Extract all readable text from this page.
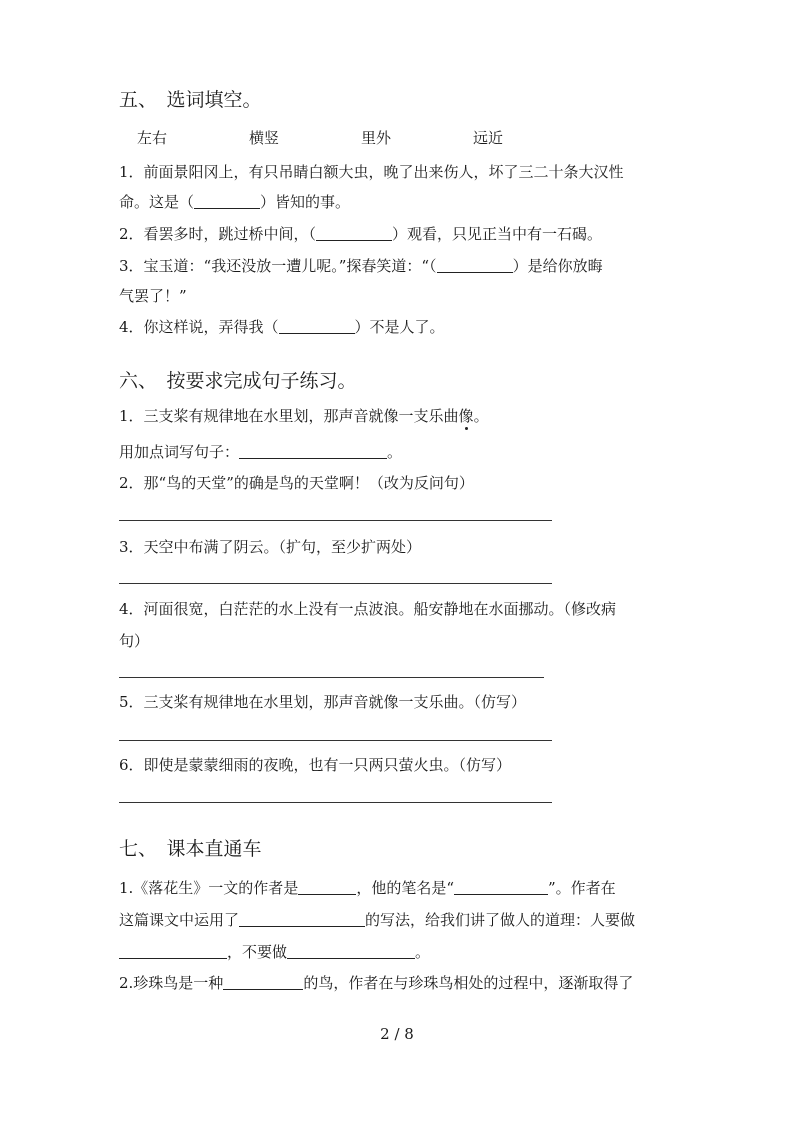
五、　选词填空。
左右	横竖	里外	远近
1．前面景阳冈上，有只吊睛白额大虫，晚了出来伤人，坏了三二十条大汉性
命。这是（	）皆知的事。
2．看罢多时，跳过桥中间，（	）观看，只见正当中有一石碣。
3．宝玉道：“我还没放一遭儿呢。”探春笑道：“（	）是给你放晦
气罢了！”
4．你这样说，弄得我（	）不是人了。
六、　按要求完成句子练习。
1．三支桨有规律地在水里划，那声音就像一支乐曲像。
用加点词写句子：	。
2．那“鸟的天堂”的确是鸟的天堂啊！（改为反问句）
3．天空中布满了阴云。（扩句，至少扩两处）
4．河面很宽，白茫茫的水上没有一点波浪。船安静地在水面挪动。（修改病
句）
5．三支桨有规律地在水里划，那声音就像一支乐曲。（仿写）
6．即使是蒙蒙细雨的夜晚，也有一只两只萤火虫。（仿写）
七、　课本直通车
1.《落花生》一文的作者是	，他的笔名是“	”。作者在
这篇课文中运用了	的写法，给我们讲了做人的道理：人要做
，不要做	。
2.珍珠鸟是一种	的鸟，作者在与珍珠鸟相处的过程中，逐渐取得了
2 / 8
